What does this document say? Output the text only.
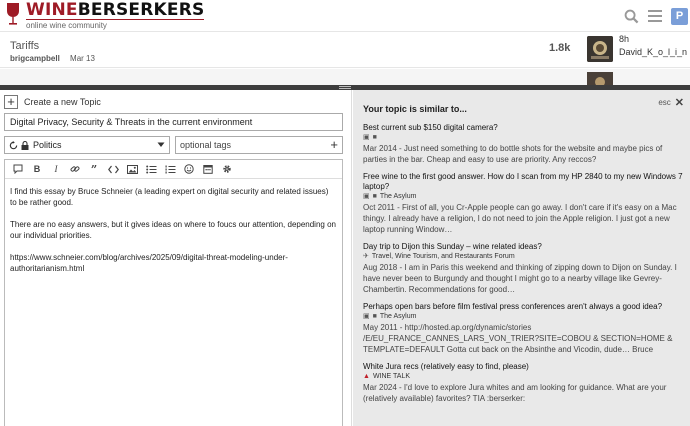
WINEBERSERKERS
online wine community
P
Tariffs
brigcampbell Mar 13
1.8k
8h
David_K_o_l_i_n
+	Create a new Topic
Digital Privacy, Security & Threats in the current environment
Politics	optional tags	+
B	I	”

I find this essay by Bruce Schneier (a leading expert on digital security and related issues) to be rather good.

There are no easy answers, but it gives ideas on where to foucs our attention, depending on our individual priorities.

https://www.schneier.com/blog/archives/2025/09/digital-threat-modeling-under-authoritarianism.html

esc ✕
Your topic is similar to...
Best current sub $150 digital camera?
▣ ■
Mar 2014 - Just need something to do bottle shots for the website and maybe pics of parties in the bar. Cheap and easy to use are priority. Any reccos?
Free wine to the first good answer. How do I scan from my HP 2840 to my new Windows 7 laptop?
▣ ■ The Asylum
Oct 2011 - First of all, you Cr-Apple people can go away. I don't care if it's easy on a Mac thingy. I already have a religion, I do not need to join the Apple religion. I just got a new laptop running Window…
Day trip to Dijon this Sunday – wine related ideas?
✈ Travel, Wine Tourism, and Restaurants Forum
Aug 2018 - I am in Paris this weekend and thinking of zipping down to Dijon on Sunday. I have never been to Burgundy and thought I might go to a nearby village like Gevrey-Chambertin. Recommendations for good…
Perhaps open bars before film festival press conferences aren't always a good idea?
▣ ■ The Asylum
May 2011 - http://hosted.ap.org/dynamic/stories /E/EU_FRANCE_CANNES_LARS_VON_TRIER?SITE=COBOU & SECTION=HOME & TEMPLATE=DEFAULT Gotta cut back on the Absinthe and Vicodin, dude… Bruce
White Jura recs (relatively easy to find, please)
▲ WINE TALK
Mar 2024 - I'd love to explore Jura whites and am looking for guidance. What are your (relatively available) favorites? TIA :berserker:
